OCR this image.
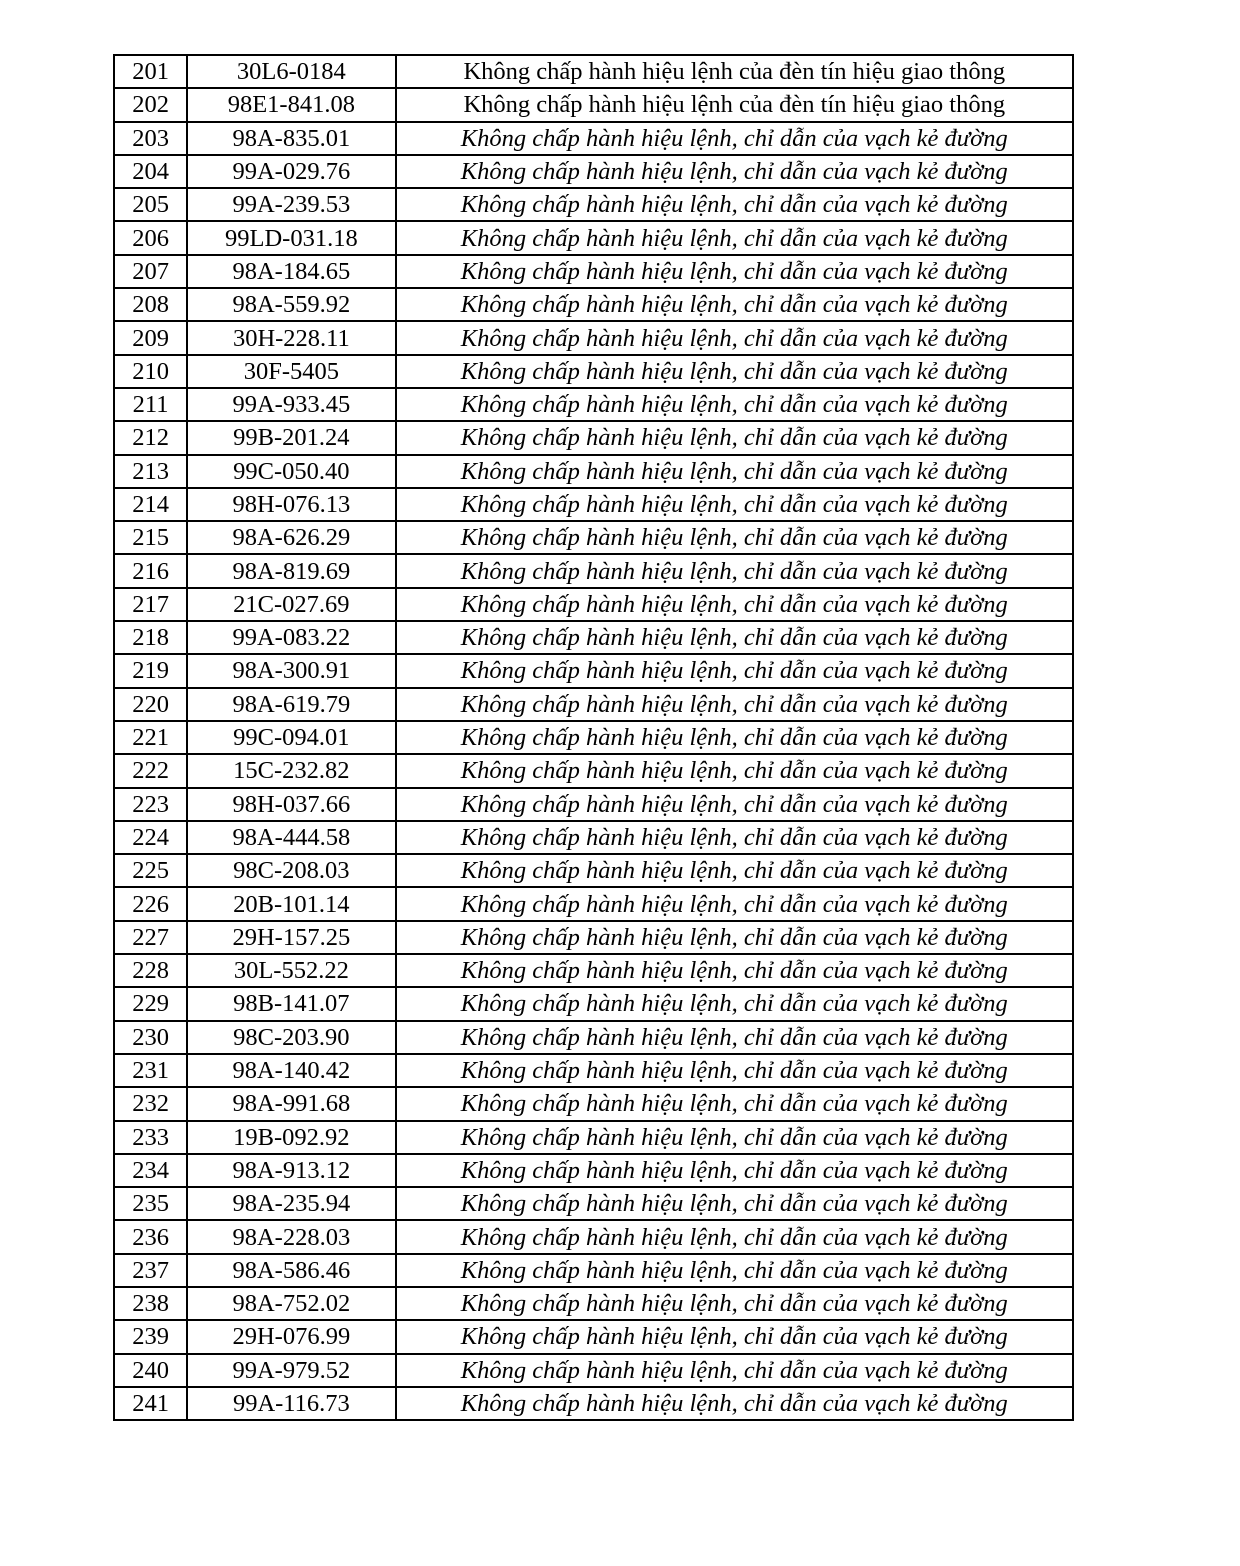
201	30L6-0184	Không chấp hành hiệu lệnh của đèn tín hiệu giao thông
202	98E1-841.08	Không chấp hành hiệu lệnh của đèn tín hiệu giao thông
203	98A-835.01	Không chấp hành hiệu lệnh, chỉ dẫn của vạch kẻ đường
204	99A-029.76	Không chấp hành hiệu lệnh, chỉ dẫn của vạch kẻ đường
205	99A-239.53	Không chấp hành hiệu lệnh, chỉ dẫn của vạch kẻ đường
206	99LD-031.18	Không chấp hành hiệu lệnh, chỉ dẫn của vạch kẻ đường
207	98A-184.65	Không chấp hành hiệu lệnh, chỉ dẫn của vạch kẻ đường
208	98A-559.92	Không chấp hành hiệu lệnh, chỉ dẫn của vạch kẻ đường
209	30H-228.11	Không chấp hành hiệu lệnh, chỉ dẫn của vạch kẻ đường
210	30F-5405	Không chấp hành hiệu lệnh, chỉ dẫn của vạch kẻ đường
211	99A-933.45	Không chấp hành hiệu lệnh, chỉ dẫn của vạch kẻ đường
212	99B-201.24	Không chấp hành hiệu lệnh, chỉ dẫn của vạch kẻ đường
213	99C-050.40	Không chấp hành hiệu lệnh, chỉ dẫn của vạch kẻ đường
214	98H-076.13	Không chấp hành hiệu lệnh, chỉ dẫn của vạch kẻ đường
215	98A-626.29	Không chấp hành hiệu lệnh, chỉ dẫn của vạch kẻ đường
216	98A-819.69	Không chấp hành hiệu lệnh, chỉ dẫn của vạch kẻ đường
217	21C-027.69	Không chấp hành hiệu lệnh, chỉ dẫn của vạch kẻ đường
218	99A-083.22	Không chấp hành hiệu lệnh, chỉ dẫn của vạch kẻ đường
219	98A-300.91	Không chấp hành hiệu lệnh, chỉ dẫn của vạch kẻ đường
220	98A-619.79	Không chấp hành hiệu lệnh, chỉ dẫn của vạch kẻ đường
221	99C-094.01	Không chấp hành hiệu lệnh, chỉ dẫn của vạch kẻ đường
222	15C-232.82	Không chấp hành hiệu lệnh, chỉ dẫn của vạch kẻ đường
223	98H-037.66	Không chấp hành hiệu lệnh, chỉ dẫn của vạch kẻ đường
224	98A-444.58	Không chấp hành hiệu lệnh, chỉ dẫn của vạch kẻ đường
225	98C-208.03	Không chấp hành hiệu lệnh, chỉ dẫn của vạch kẻ đường
226	20B-101.14	Không chấp hành hiệu lệnh, chỉ dẫn của vạch kẻ đường
227	29H-157.25	Không chấp hành hiệu lệnh, chỉ dẫn của vạch kẻ đường
228	30L-552.22	Không chấp hành hiệu lệnh, chỉ dẫn của vạch kẻ đường
229	98B-141.07	Không chấp hành hiệu lệnh, chỉ dẫn của vạch kẻ đường
230	98C-203.90	Không chấp hành hiệu lệnh, chỉ dẫn của vạch kẻ đường
231	98A-140.42	Không chấp hành hiệu lệnh, chỉ dẫn của vạch kẻ đường
232	98A-991.68	Không chấp hành hiệu lệnh, chỉ dẫn của vạch kẻ đường
233	19B-092.92	Không chấp hành hiệu lệnh, chỉ dẫn của vạch kẻ đường
234	98A-913.12	Không chấp hành hiệu lệnh, chỉ dẫn của vạch kẻ đường
235	98A-235.94	Không chấp hành hiệu lệnh, chỉ dẫn của vạch kẻ đường
236	98A-228.03	Không chấp hành hiệu lệnh, chỉ dẫn của vạch kẻ đường
237	98A-586.46	Không chấp hành hiệu lệnh, chỉ dẫn của vạch kẻ đường
238	98A-752.02	Không chấp hành hiệu lệnh, chỉ dẫn của vạch kẻ đường
239	29H-076.99	Không chấp hành hiệu lệnh, chỉ dẫn của vạch kẻ đường
240	99A-979.52	Không chấp hành hiệu lệnh, chỉ dẫn của vạch kẻ đường
241	99A-116.73	Không chấp hành hiệu lệnh, chỉ dẫn của vạch kẻ đường
